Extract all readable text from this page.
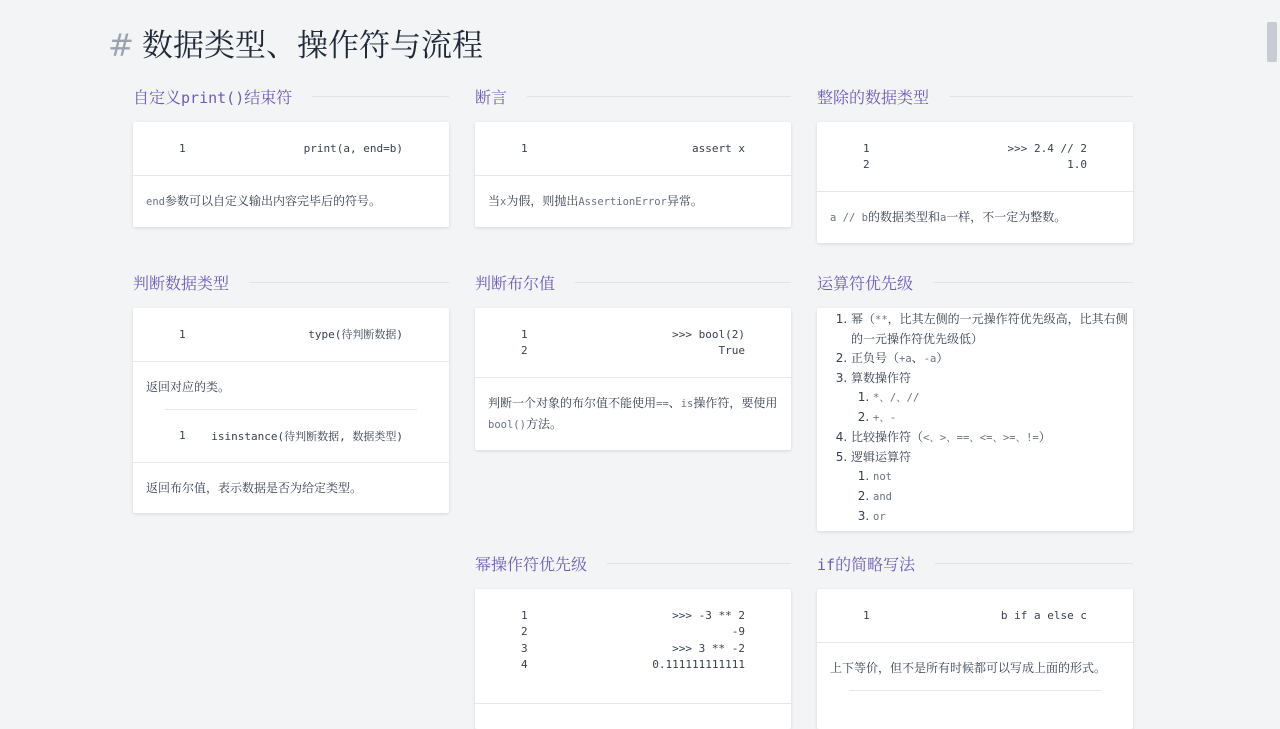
# 数据类型、操作符与流程
自定义print()结束符
1	print(a, end=b)
end参数可以自定义输出内容完毕后的符号。
判断数据类型
1	type(待判断数据)
返回对应的类。
1	isinstance(待判断数据, 数据类型)
返回布尔值，表示数据是否为给定类型。
断言
1	assert x
当x为假，则抛出AssertionError异常。
判断布尔值
1	>>> bool(2)
2	True
判断一个对象的布尔值不能使用==、is操作符，要使用bool()方法。
幂操作符优先级
1	>>> -3 ** 2
2	-9
3	>>> 3 ** -2
4	0.111111111111
整除的数据类型
1	>>> 2.4 // 2
2	1.0
a // b的数据类型和a一样，不一定为整数。
运算符优先级
1. 幂（**，比其左侧的一元操作符优先级高，比其右侧的一元操作符优先级低）
2. 正负号（+a、-a）
3. 算数操作符
1. *、/、//
2. +、-
4. 比较操作符（<、>、==、<=、>=、!=）
5. 逻辑运算符
1. not
2. and
3. or
if的简略写法
1	b if a else c
上下等价，但不是所有时候都可以写成上面的形式。
